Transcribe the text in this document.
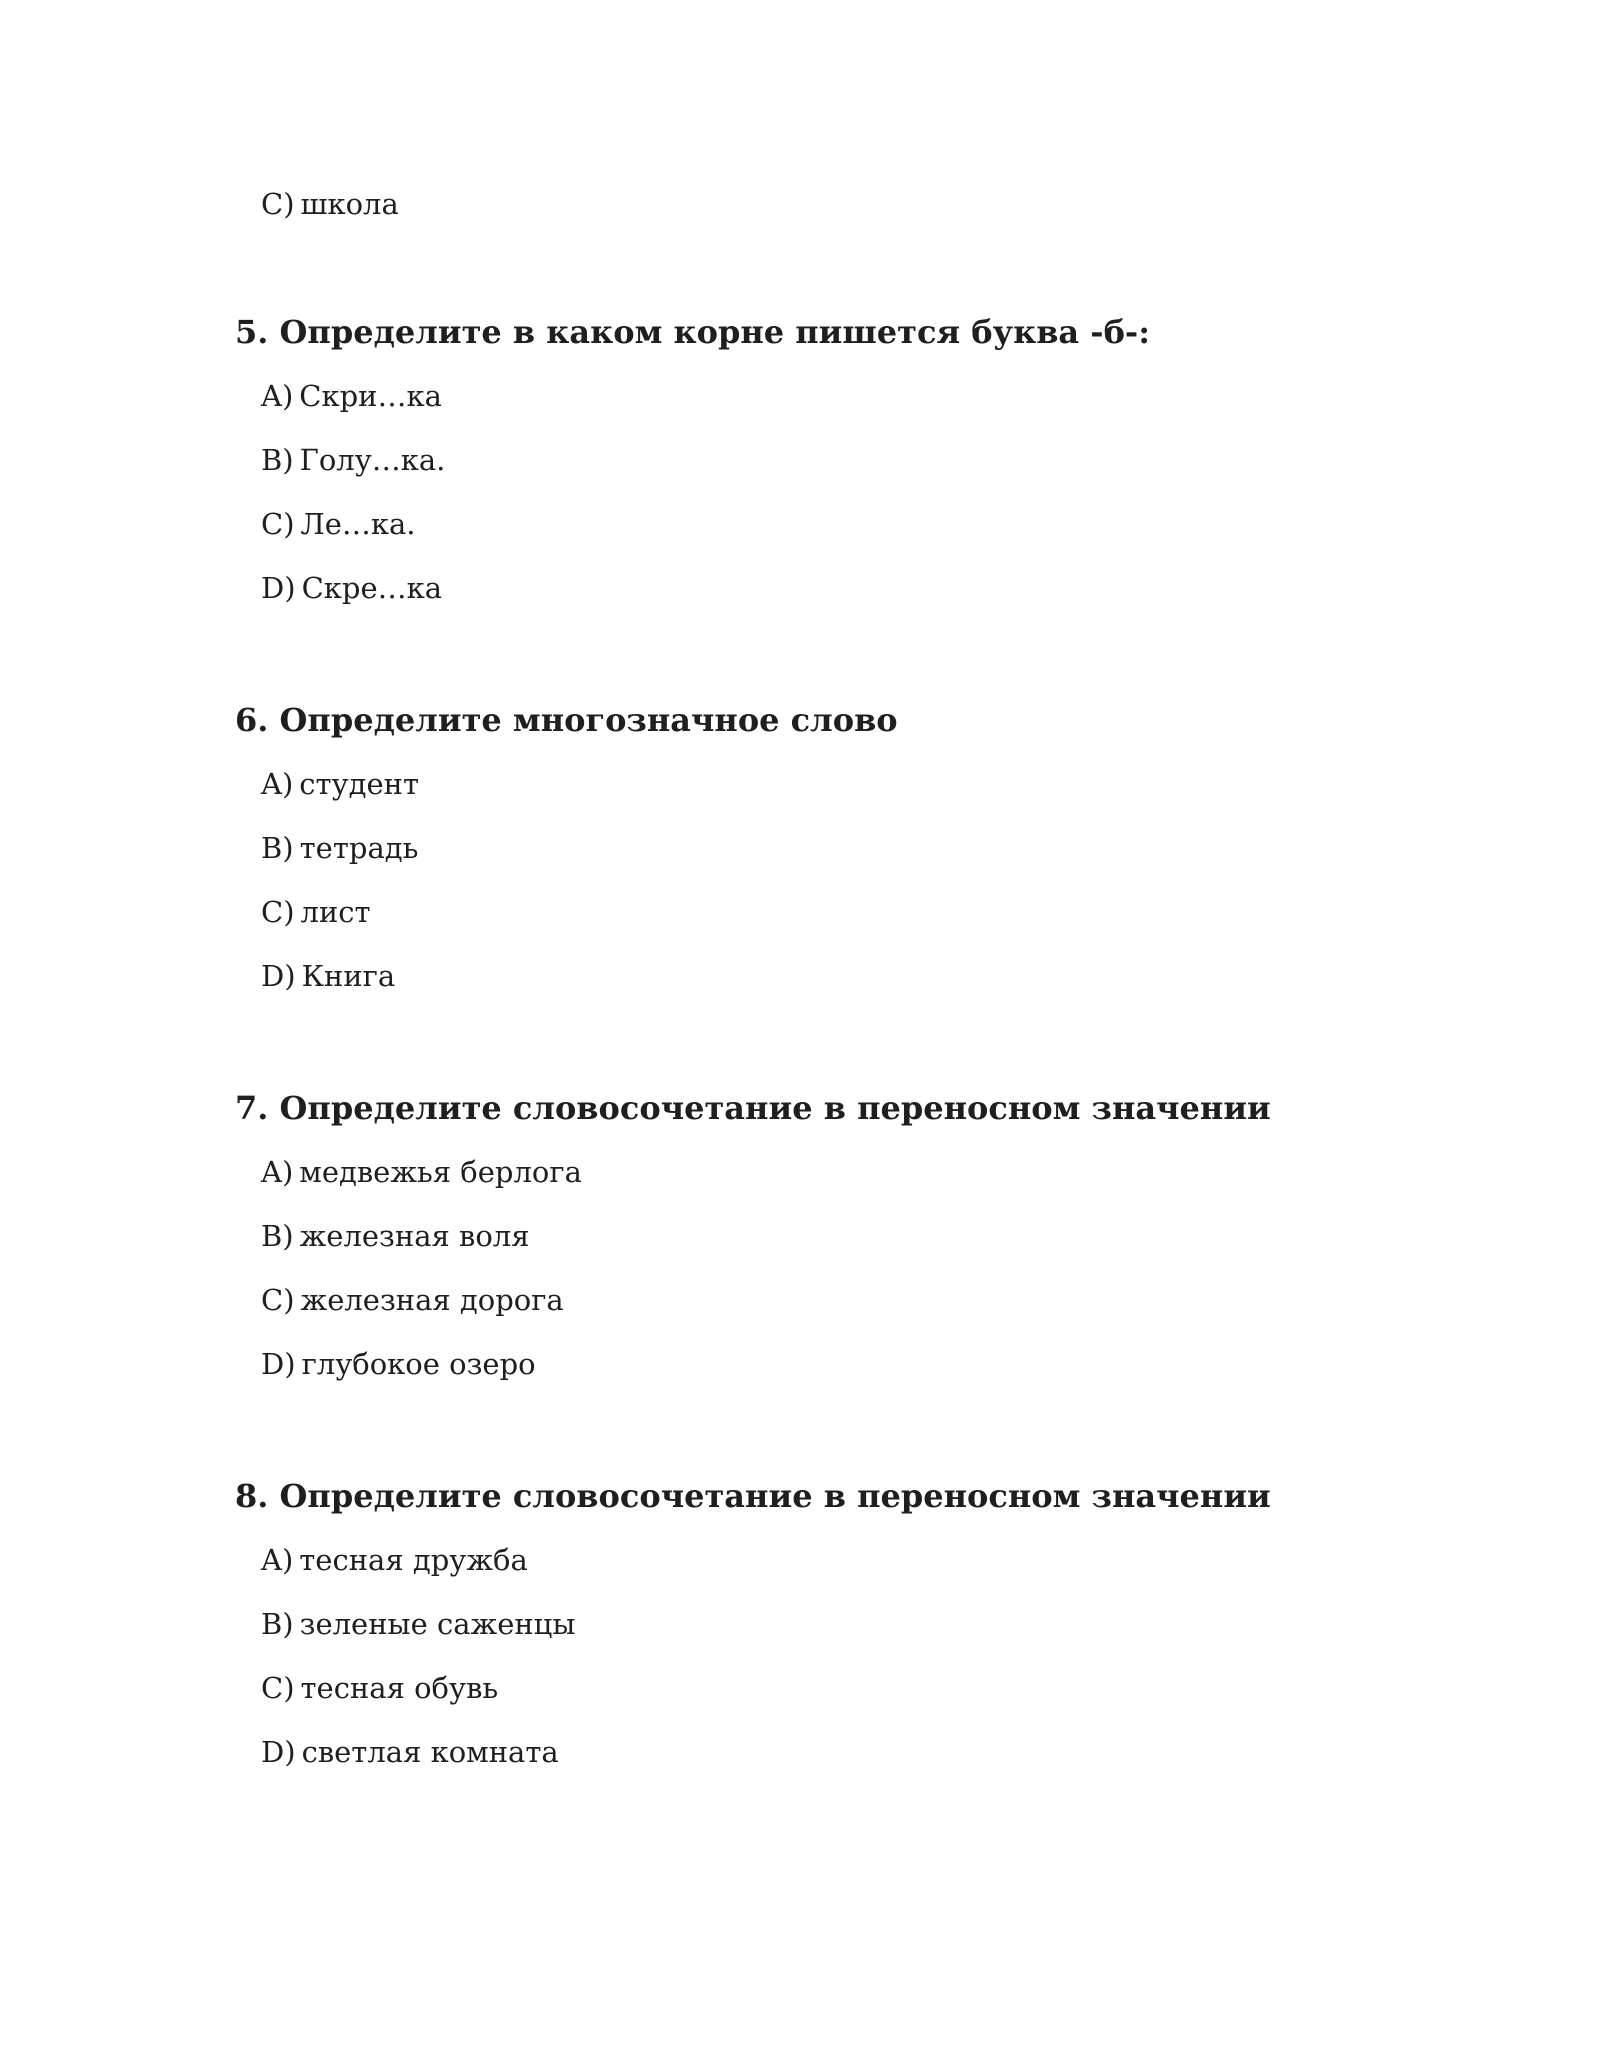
C) школа
5. Определите в каком корне пишется буква -б-:
A) Скри…ка
B) Голу…ка.
C) Ле…ка.
D) Скре…ка
6. Определите многозначное слово
A) студент
B) тетрадь
C) лист
D) Книга
7. Определите словосочетание в переносном значении
A) медвежья берлога
B) железная воля
C) железная дорога
D) глубокое озеро
8. Определите словосочетание в переносном значении
A) тесная дружба
B) зеленые саженцы
C) тесная обувь
D) светлая комната
